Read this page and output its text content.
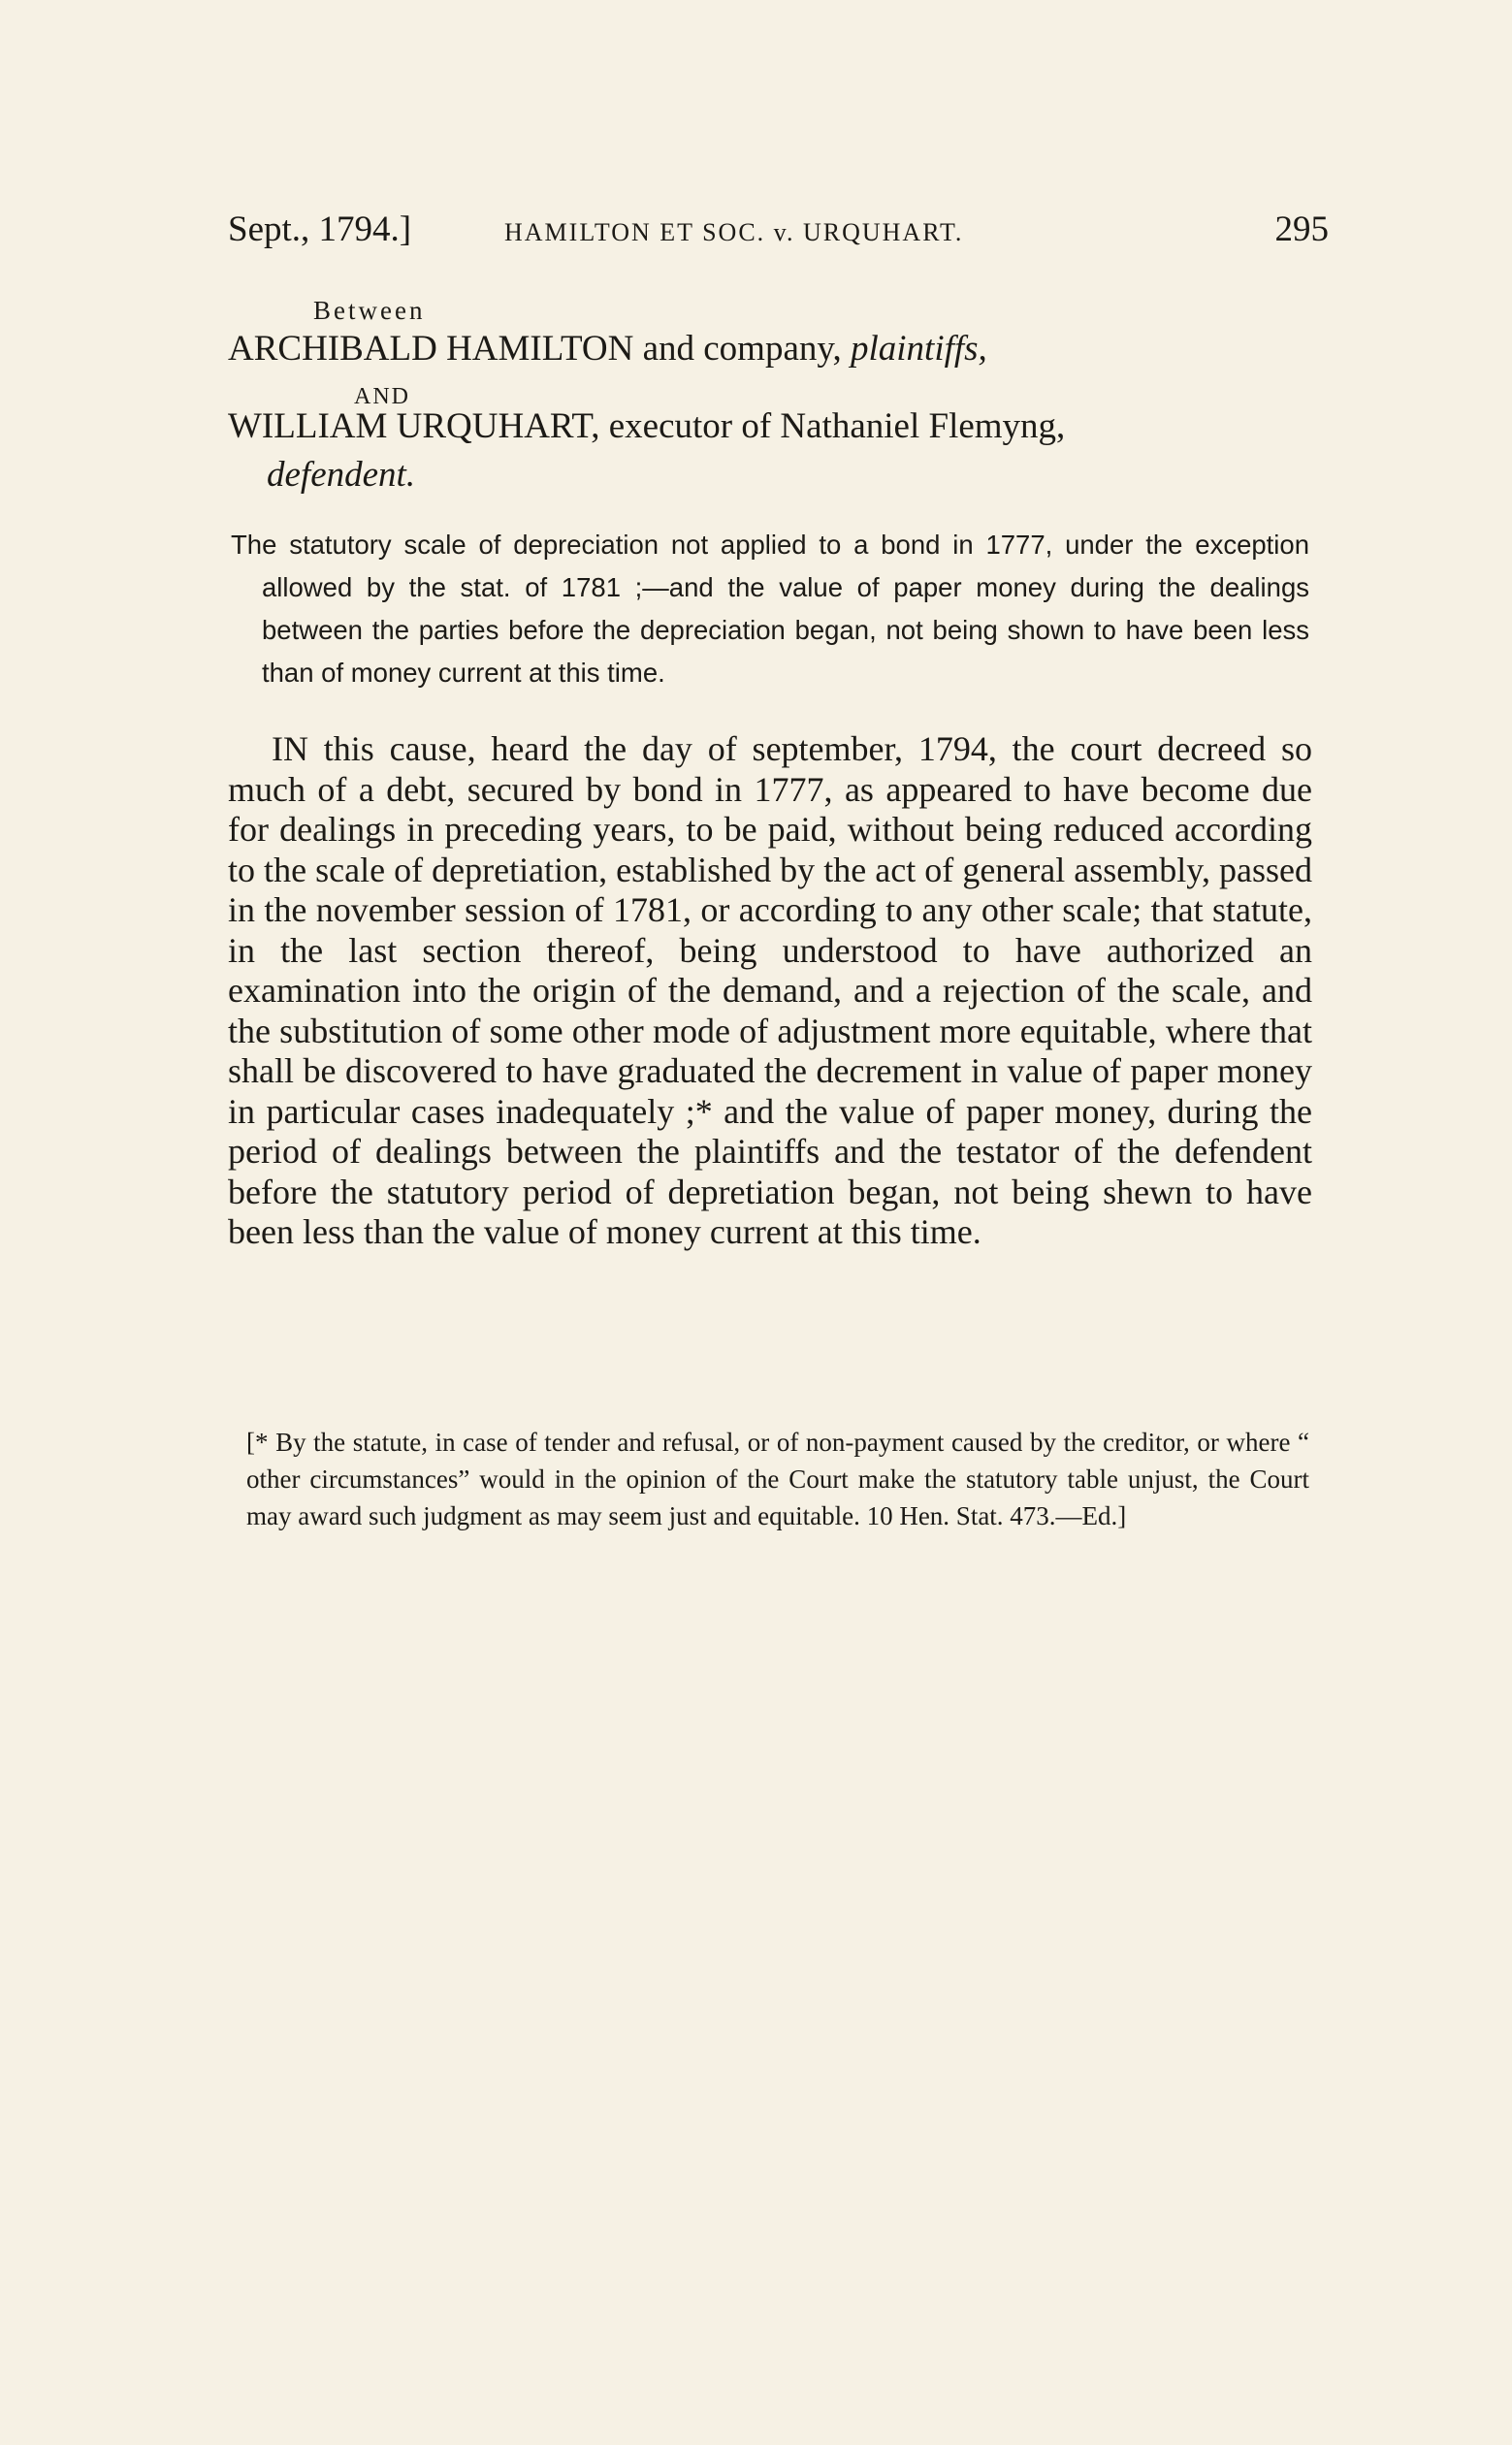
Sept., 1794.]	HAMILTON ET SOC. v. URQUHART.	295
Between
ARCHIBALD HAMILTON and company, plaintiffs,
AND
WILLIAM URQUHART, executor of Nathaniel Flemyng,
defendent.

The statutory scale of depreciation not applied to a bond in 1777, under the exception allowed by the stat. of 1781 ;—and the value of paper money during the dealings between the parties before the depreciation began, not being shown to have been less than of money current at this time.

IN this cause, heard the day of september, 1794, the court decreed so much of a debt, secured by bond in 1777, as appeared to have become due for dealings in preceding years, to be paid, without being reduced according to the scale of depretiation, established by the act of general assembly, passed in the november session of 1781, or according to any other scale; that statute, in the last section thereof, being understood to have authorized an examination into the origin of the demand, and a rejection of the scale, and the substitution of some other mode of adjustment more equitable, where that shall be discovered to have graduated the decrement in value of paper money in particular cases inadequately ;* and the value of paper money, during the period of dealings between the plaintiffs and the testator of the defendent before the statutory period of depretiation began, not being shewn to have been less than the value of money current at this time.

[* By the statute, in case of tender and refusal, or of non-payment caused by the creditor, or where “ other circumstances” would in the opinion of the Court make the statutory table unjust, the Court may award such judgment as may seem just and equitable. 10 Hen. Stat. 473.—Ed.]
